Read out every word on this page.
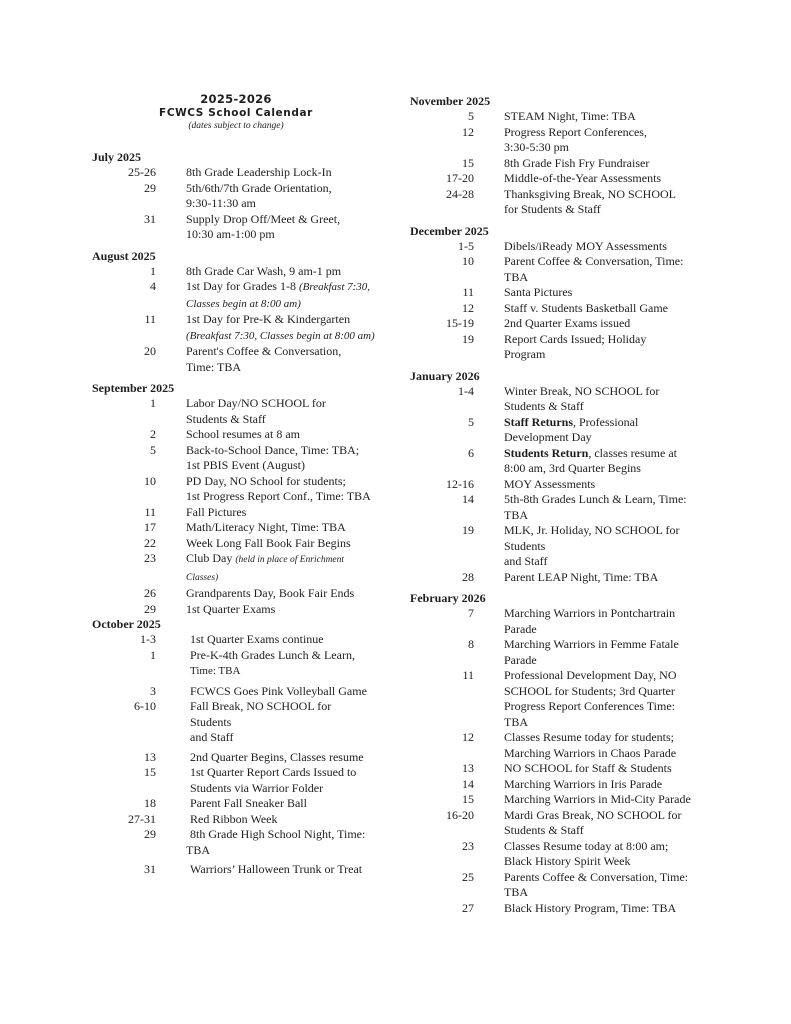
2025-2026
FCWCS School Calendar
(dates subject to change)
July 2025
25-26	8th Grade Leadership Lock-In
29	5th/6th/7th Grade Orientation,
9:30-11:30 am
31	Supply Drop Off/Meet & Greet,
10:30 am-1:00 pm
August 2025
1	8th Grade Car Wash, 9 am-1 pm
4	1st Day for Grades 1-8 (Breakfast 7:30,
Classes begin at 8:00 am)
11	1st Day for Pre-K & Kindergarten
(Breakfast 7:30, Classes begin at 8:00 am)
20	Parent's Coffee & Conversation,
Time: TBA
September 2025
1	Labor Day/NO SCHOOL for
Students & Staff
2	School resumes at 8 am
5	Back-to-School Dance, Time: TBA;
1st PBIS Event (August)
10	PD Day, NO School for students;
1st Progress Report Conf., Time: TBA
11	Fall Pictures
17	Math/Literacy Night, Time: TBA
22	Week Long Fall Book Fair Begins
23	Club Day (held in place of Enrichment
Classes)
26	Grandparents Day, Book Fair Ends
29	1st Quarter Exams
October 2025
1-3	1st Quarter Exams continue
1	Pre-K-4th Grades Lunch & Learn,
Time: TBA
3	FCWCS Goes Pink Volleyball Game
6-10	Fall Break, NO SCHOOL for
Students
and Staff
13	2nd Quarter Begins, Classes resume
15	1st Quarter Report Cards Issued to
Students via Warrior Folder
18	Parent Fall Sneaker Ball
27-31	Red Ribbon Week
29	8th Grade High School Night, Time:
TBA
31	Warriors’ Halloween Trunk or Treat
November 2025
5	STEAM Night, Time: TBA
12	Progress Report Conferences,
3:30-5:30 pm
15	8th Grade Fish Fry Fundraiser
17-20	Middle-of-the-Year Assessments
24-28	Thanksgiving Break, NO SCHOOL
for Students & Staff
December 2025
1-5	Dibels/iReady MOY Assessments
10	Parent Coffee & Conversation, Time:
TBA
11	Santa Pictures
12	Staff v. Students Basketball Game
15-19	2nd Quarter Exams issued
19	Report Cards Issued; Holiday
Program
January 2026
1-4	Winter Break, NO SCHOOL for
Students & Staff
5	Staff Returns, Professional
Development Day
6	Students Return, classes resume at
8:00 am, 3rd Quarter Begins
12-16	MOY Assessments
14	5th-8th Grades Lunch & Learn, Time:
TBA
19	MLK, Jr. Holiday, NO SCHOOL for
Students
and Staff
28	Parent LEAP Night, Time: TBA
February 2026
7	Marching Warriors in Pontchartrain
Parade
8	Marching Warriors in Femme Fatale
Parade
11	Professional Development Day, NO
SCHOOL for Students; 3rd Quarter
Progress Report Conferences Time:
TBA
12	Classes Resume today for students;
Marching Warriors in Chaos Parade
13	NO SCHOOL for Staff & Students
14	Marching Warriors in Iris Parade
15	Marching Warriors in Mid-City Parade
16-20	Mardi Gras Break, NO SCHOOL for
Students & Staff
23	Classes Resume today at 8:00 am;
Black History Spirit Week
25	Parents Coffee & Conversation, Time:
TBA
27	Black History Program, Time: TBA
